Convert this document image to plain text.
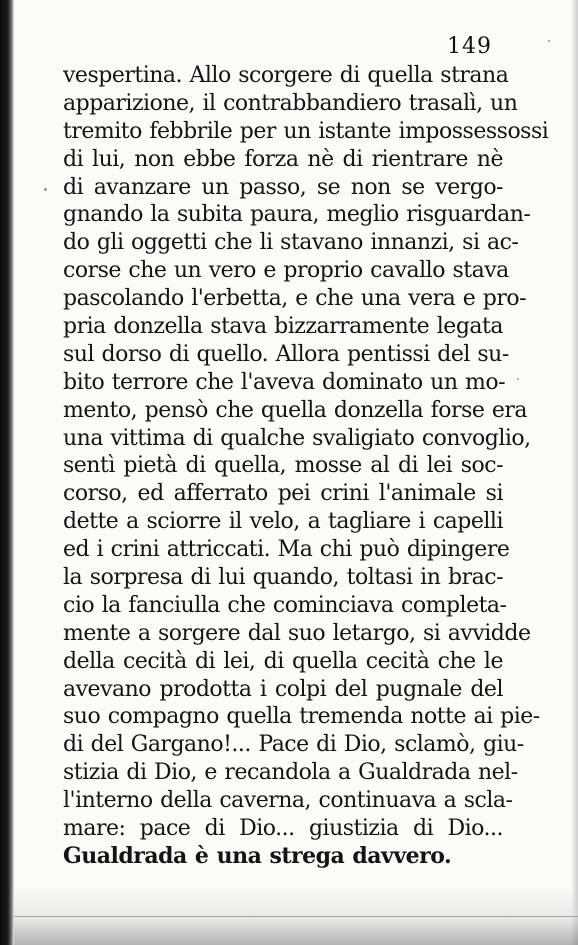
149
vespertina. Allo scorgere di quella strana
apparizione, il contrabbandiero trasalì, un
tremito febbrile per un istante impossessossi
di lui, non ebbe forza nè di rientrare nè
di avanzare un passo, se non se vergo-
gnando la subita paura, meglio risguardan-
do gli oggetti che li stavano innanzi, si ac-
corse che un vero e proprio cavallo stava
pascolando l'erbetta, e che una vera e pro-
pria donzella stava bizzarramente legata
sul dorso di quello. Allora pentissi del su-
bito terrore che l'aveva dominato un mo-
mento, pensò che quella donzella forse era
una vittima di qualche svaligiato convoglio,
sentì pietà di quella, mosse al di lei soc-
corso, ed afferrato pei crini l'animale si
dette a sciorre il velo, a tagliare i capelli
ed i crini attriccati. Ma chi può dipingere
la sorpresa di lui quando, toltasi in brac-
cio la fanciulla che cominciava completa-
mente a sorgere dal suo letargo, si avvidde
della cecità di lei, di quella cecità che le
avevano prodotta i colpi del pugnale del
suo compagno quella tremenda notte ai pie-
di del Gargano!... Pace di Dio, sclamò, giu-
stizia di Dio, e recandola a Gualdrada nel-
l'interno della caverna, continuava a scla-
mare: pace di Dio... giustizia di Dio...
Gualdrada è una strega davvero.
